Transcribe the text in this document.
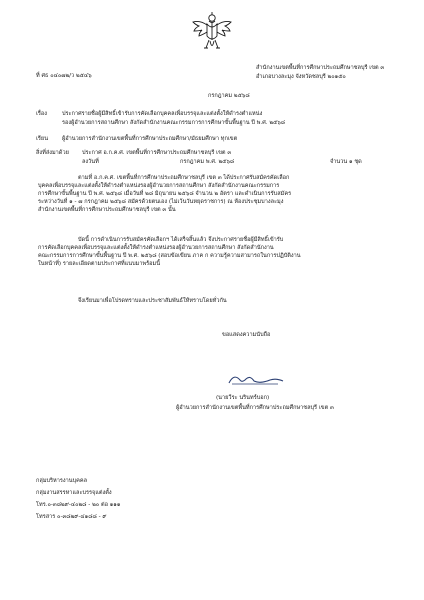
ที่ ศธ ๐๔๐๗๒/ว ๒๕๔๖
สำนักงานเขตพื้นที่การศึกษาประถมศึกษาชลบุรี เขต ๓
อำเภอบางละมุง จังหวัดชลบุรี ๒๐๑๕๐
กรกฎาคม ๒๕๖๘
เรื่อง	ประกาศรายชื่อผู้มีสิทธิ์เข้ารับการคัดเลือกบุคคลเพื่อบรรจุและแต่งตั้งให้ดำรงตำแหน่ง
รองผู้อำนวยการสถานศึกษา สังกัดสำนักงานคณะกรรมการการศึกษาขั้นพื้นฐาน ปี พ.ศ. ๒๕๖๘
เรียน ผู้อำนวยการสำนักงานเขตพื้นที่การศึกษาประถมศึกษา/มัธยมศึกษา ทุกเขต
สิ่งที่ส่งมาด้วย ประกาศ อ.ก.ค.ศ. เขตพื้นที่การศึกษาประถมศึกษาชลบุรี เขต ๓
ลงวันที่	กรกฎาคม พ.ศ. ๒๕๖๘	จำนวน ๑ ชุด
ตามที่ อ.ก.ค.ศ. เขตพื้นที่การศึกษาประถมศึกษาชลบุรี เขต ๓ ได้ประกาศรับสมัครคัดเลือก
บุคคลเพื่อบรรจุและแต่งตั้งให้ดำรงตำแหน่งรองผู้อำนวยการสถานศึกษา สังกัดสำนักงานคณะกรรมการ
การศึกษาขั้นพื้นฐาน ปี พ.ศ. ๒๕๖๘ เมื่อวันที่ ๒๘ มิถุนายน ๒๕๖๘ จำนวน ๒ อัตรา และดำเนินการรับสมัคร
ระหว่างวันที่ ๑ - ๗ กรกฎาคม ๒๕๖๘ สมัครด้วยตนเอง (ไม่เว้นวันหยุดราชการ) ณ ห้องประชุมบางละมุง
สำนักงานเขตพื้นที่การศึกษาประถมศึกษาชลบุรี เขต ๓ นั้น
บัดนี้ การดำเนินการรับสมัครคัดเลือกฯ ได้เสร็จสิ้นแล้ว จึงประกาศรายชื่อผู้มีสิทธิ์เข้ารับ
การคัดเลือกบุคคลเพื่อบรรจุและแต่งตั้งให้ดำรงตำแหน่งรองผู้อำนวยการสถานศึกษา สังกัดสำนักงาน
คณะกรรมการการศึกษาขั้นพื้นฐาน ปี พ.ศ. ๒๕๖๘ (สอบข้อเขียน ภาค ก ความรู้ความสามารถในการปฏิบัติงาน
ในหน้าที่) รายละเอียดตามประกาศที่แนบมาพร้อมนี้
จึงเรียนมาเพื่อโปรดทราบและประชาสัมพันธ์ให้ทราบโดยทั่วกัน
ขอแสดงความนับถือ
(นายวีระ นรินทร์บอก)
ผู้อำนวยการสำนักงานเขตพื้นที่การศึกษาประถมศึกษาชลบุรี เขต ๓
กลุ่มบริหารงานบุคคล
กลุ่มงานสรรหาและบรรจุแต่งตั้ง
โทร.๐-๓๘๒๙-๔๐๒๘ - ๒๐ ต่อ ๑๑๑
โทรสาร ๐-๓๘๒๙-๔๑๘๘ - ๙
